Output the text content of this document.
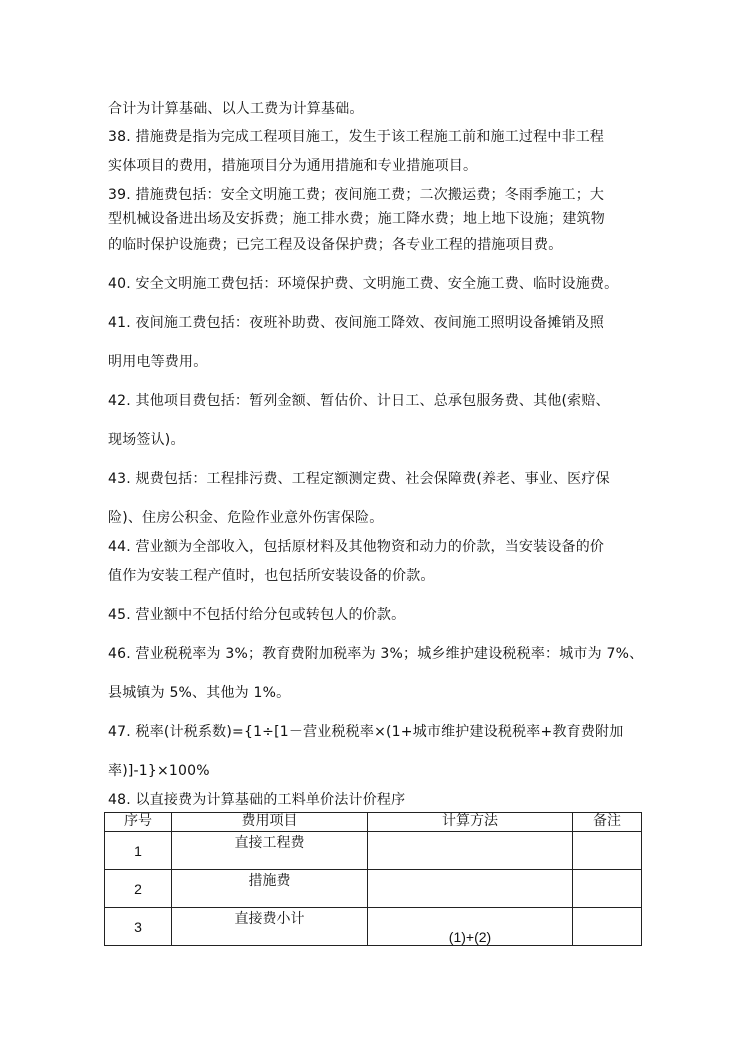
合计为计算基础、以人工费为计算基础。
38. 措施费是指为完成工程项目施工，发生于该工程施工前和施工过程中非工程
实体项目的费用，措施项目分为通用措施和专业措施项目。
39. 措施费包括：安全文明施工费；夜间施工费；二次搬运费；冬雨季施工；大
型机械设备进出场及安拆费；施工排水费；施工降水费；地上地下设施；建筑物
的临时保护设施费；已完工程及设备保护费；各专业工程的措施项目费。
40. 安全文明施工费包括：环境保护费、文明施工费、安全施工费、临时设施费。
41. 夜间施工费包括：夜班补助费、夜间施工降效、夜间施工照明设备摊销及照
明用电等费用。
42. 其他项目费包括：暂列金额、暂估价、计日工、总承包服务费、其他(索赔、
现场签认)。
43. 规费包括：工程排污费、工程定额测定费、社会保障费(养老、事业、医疗保
险)、住房公积金、危险作业意外伤害保险。
44. 营业额为全部收入，包括原材料及其他物资和动力的价款，当安装设备的价
值作为安装工程产值时，也包括所安装设备的价款。
45. 营业额中不包括付给分包或转包人的价款。
46. 营业税税率为 3%；教育费附加税率为 3%；城乡维护建设税税率：城市为 7%、
县城镇为 5%、其他为 1%。
47. 税率(计税系数)={1÷[1－营业税税率×(1+城市维护建设税税率+教育费附加
率)]-1}×100%
48. 以直接费为计算基础的工料单价法计价程序
序号	费用项目	计算方法	备注
1	直接工程费		
2	措施费		
3	直接费小计	(1)+(2)	
